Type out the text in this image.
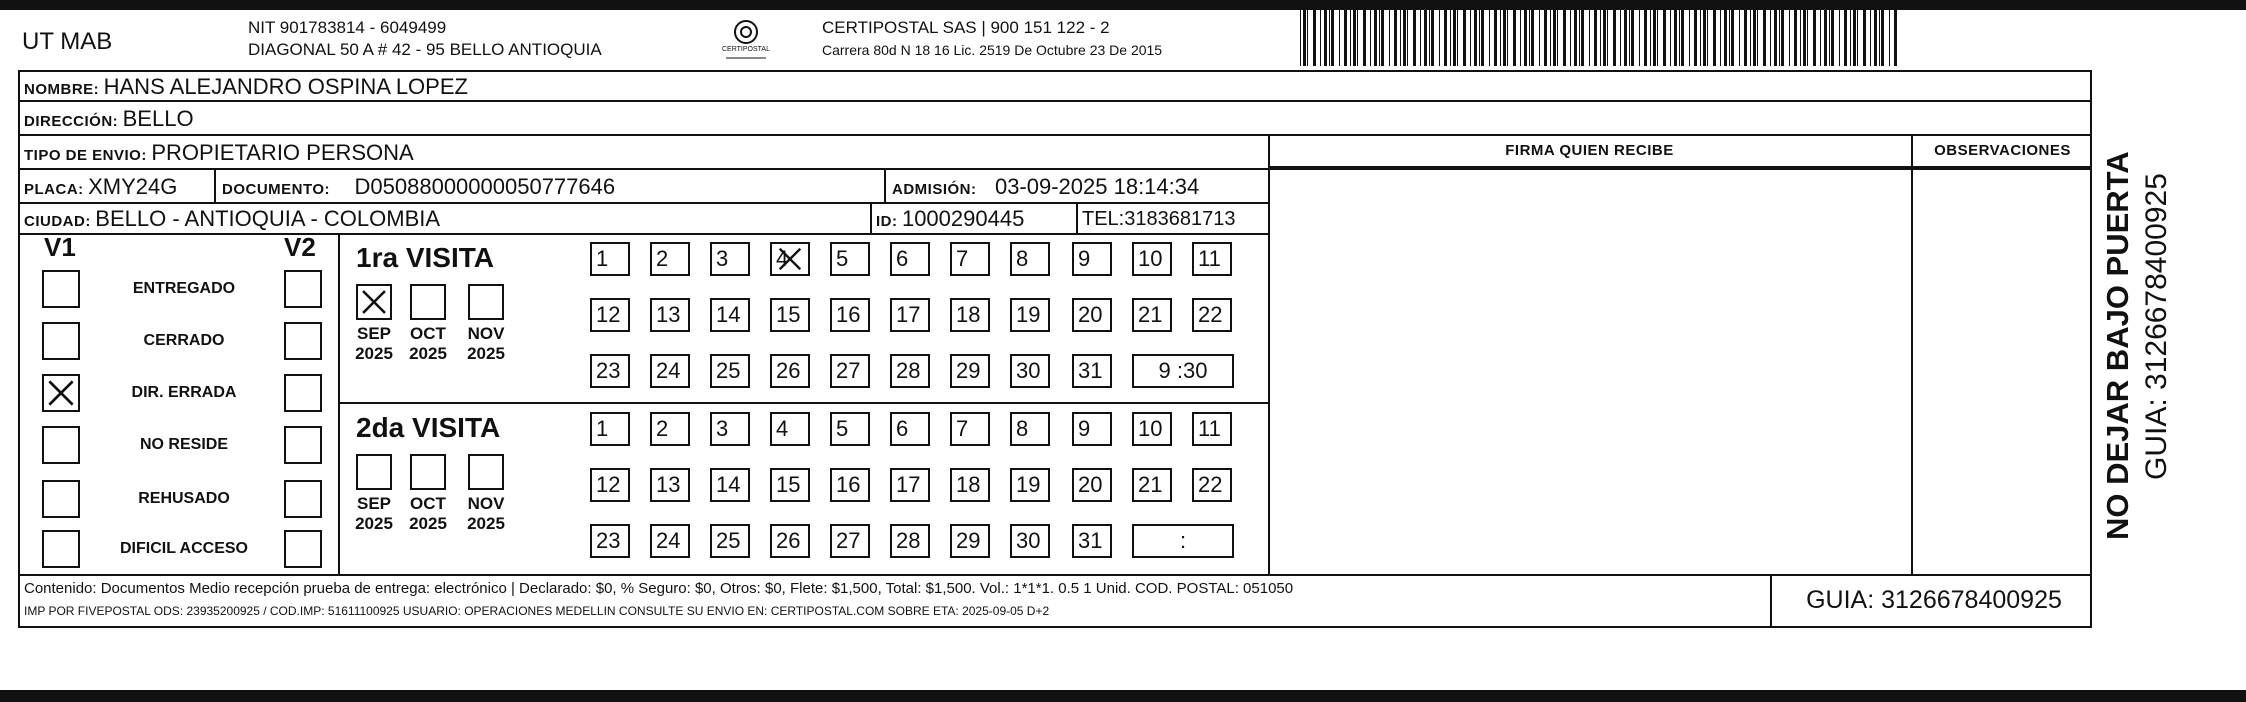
UT MAB
NIT 901783814 - 6049499
DIAGONAL 50 A # 42 - 95 BELLO ANTIOQUIA	CERTIPOSTAL
CERTIPOSTAL SAS | 900 151 122 - 2
Carrera 80d N 18 16 Lic. 2519 De Octubre 23 De 2015
NOMBRE: HANS ALEJANDRO OSPINA LOPEZ
DIRECCIÓN: BELLO
TIPO DE ENVIO: PROPIETARIO PERSONA
PLACA: XMY24G	DOCUMENTO: D05088000000050777646	ADMISIÓN: 03-09-2025 18:14:34
CIUDAD: BELLO - ANTIOQUIA - COLOMBIA	ID: 1000290445	TEL:3183681713
FIRMA QUIEN RECIBE	OBSERVACIONES
V1	V2
ENTREGADO
CERRADO
DIR. ERRADA
NO RESIDE
REHUSADO
DIFICIL ACCESO
1ra VISITA
SEP
2025
OCT
2025
NOV
2025
1	2	3	4	5	6	7	8	9	10	11
12	13	14	15	16	17	18	19	20	21	22
23	24	25	26	27	28	29	30	31	9 :30
2da VISITA
SEP
2025
OCT
2025
NOV
2025
1	2	3	4	5	6	7	8	9	10	11
12	13	14	15	16	17	18	19	20	21	22
23	24	25	26	27	28	29	30	31	:
Contenido: Documentos Medio recepción prueba de entrega: electrónico | Declarado: $0, % Seguro: $0, Otros: $0, Flete: $1,500, Total: $1,500. Vol.: 1*1*1. 0.5 1 Unid. COD. POSTAL: 051050
IMP POR FIVEPOSTAL ODS: 23935200925 / COD.IMP: 51611100925 USUARIO: OPERACIONES MEDELLIN CONSULTE SU ENVIO EN: CERTIPOSTAL.COM SOBRE ETA: 2025-09-05 D+2	GUIA: 3126678400925
NO DEJAR BAJO PUERTA GUIA: 3126678400925
